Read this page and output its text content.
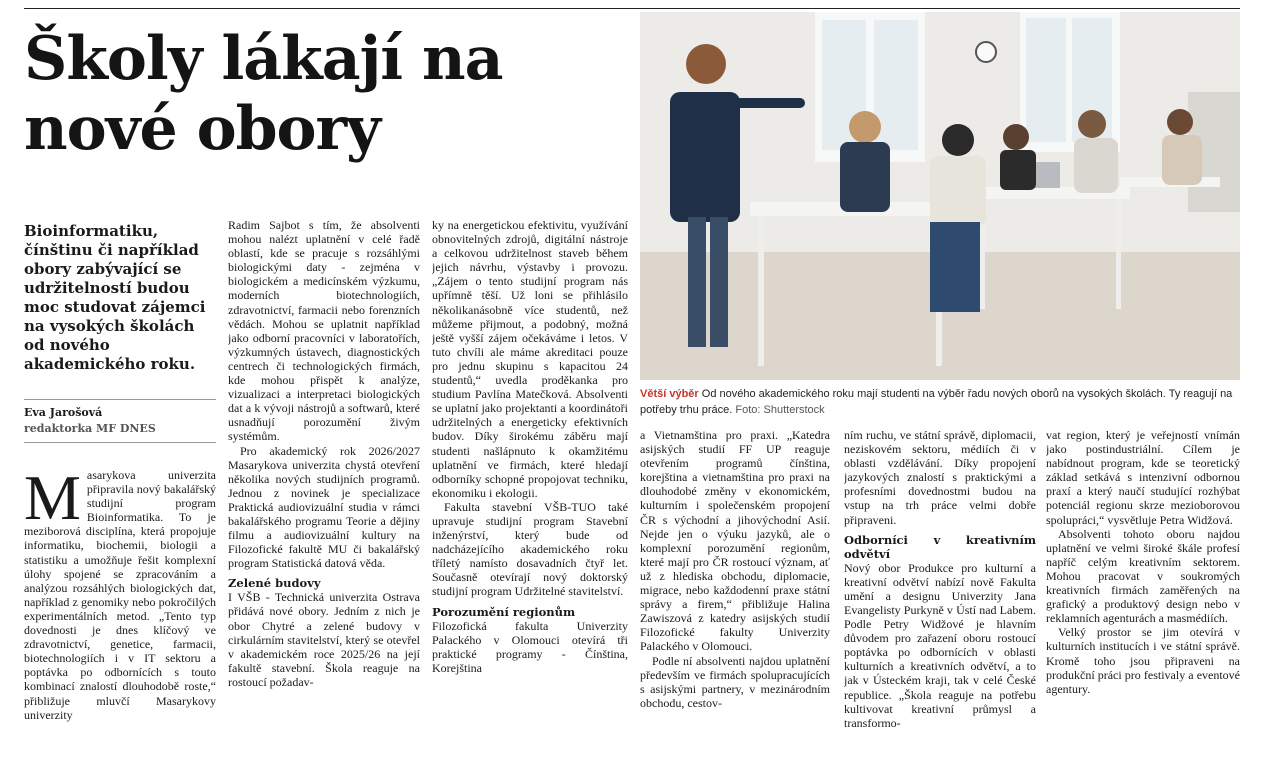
Školy lákají na nové obory
Větší výběr Od nového akademického roku mají studenti na výběr řadu nových oborů na vysokých školách. Ty reagují na potřeby trhu práce. Foto: Shutterstock

Bioinformatiku, čínštinu či například obory zabývající se udržitelností budou moc studovat zájemci na vysokých školách od nového akademického roku.

Eva Jarošová
redaktorka MF DNES
M asarykova univerzita připravila nový bakalářský studijní program Bioinformatika. To je meziborová disciplína, která propojuje informatiku, biochemii, biologii a statistiku a umožňuje řešit komplexní úlohy spojené se zpracováním a analýzou rozsáhlých biologických dat, například z genomiky nebo pokročilých experimentálních metod. „Tento typ dovednosti je dnes klíčový ve zdravotnictví, genetice, farmacii, biotechnologiích i v IT sektoru a poptávka po odbornících s touto kombinací znalostí dlouhodobě roste,“ přibližuje mluvčí Masarykovy univerzity

Radim Sajbot s tím, že absolventi mohou nalézt uplatnění v celé řadě oblastí, kde se pracuje s rozsáhlými biologickými daty - zejména v biologickém a medicínském výzkumu, moderních biotechnologiích, zdravotnictví, farmacii nebo forenzních vědách. Mohou se uplatnit například jako odborní pracovníci v laboratořích, výzkumných ústavech, diagnostických centrech či technologických firmách, kde mohou přispět k analýze, vizualizaci a interpretaci biologických dat a k vývoji nástrojů a softwarů, které usnadňují porozumění živým systémům.

Pro akademický rok 2026/2027 Masarykova univerzita chystá otevření několika nových studijních programů. Jednou z novinek je specializace Praktická audiovizuální studia v rámci bakalářského programu Teorie a dějiny filmu a audiovizuální kultury na Filozofické fakultě MU či bakalářský program Statistická datová věda.

Zelené budovy

I VŠB - Technická univerzita Ostrava přidává nové obory. Jedním z nich je obor Chytré a zelené budovy v cirkulárním stavitelství, který se otevřel v akademickém roce 2025/26 na její fakultě stavební. Škola reaguje na rostoucí požadav-

ky na energetickou efektivitu, využívání obnovitelných zdrojů, digitální nástroje a celkovou udržitelnost staveb během jejich návrhu, výstavby i provozu. „Zájem o tento studijní program nás upřímně těší. Už loni se přihlásilo několikanásobně více studentů, než můžeme přijmout, a podobný, možná ještě vyšší zájem očekáváme i letos. V tuto chvíli ale máme akreditaci pouze pro jednu skupinu s kapacitou 24 studentů,“ uvedla proděkanka pro studium Pavlína Matečková. Absolventi se uplatní jako projektanti a koordinátoři udržitelných a energeticky efektivních budov. Díky širokému záběru mají studenti našlápnuto k okamžitému uplatnění ve firmách, které hledají odborníky schopné propojovat techniku, ekonomiku i ekologii.

Fakulta stavební VŠB-TUO také upravuje studijní program Stavební inženýrství, který bude od nadcházejícího akademického roku tříletý namísto dosavadních čtyř let. Současně otevírají nový doktorský studijní program Udržitelné stavitelství.

Porozumění regionům

Filozofická fakulta Univerzity Palackého v Olomouci otevírá tři praktické programy - Čínština, Korejština

a Vietnamština pro praxi. „Katedra asijských studií FF UP reaguje otevřením programů čínština, korejština a vietnamština pro praxi na dlouhodobé změny v ekonomickém, kulturním i společenském propojení ČR s východní a jihovýchodní Asií. Nejde jen o výuku jazyků, ale o komplexní porozumění regionům, které mají pro ČR rostoucí význam, ať už z hlediska obchodu, diplomacie, migrace, nebo každodenní praxe státní správy a firem,“ přibližuje Halina Zawiszová z katedry asijských studií Filozofické fakulty Univerzity Palackého v Olomouci.

Podle ní absolventi najdou uplatnění především ve firmách spolupracujících s asijskými partnery, v mezinárodním obchodu, cestov-

ním ruchu, ve státní správě, diplomacii, neziskovém sektoru, médiích či v oblasti vzdělávání. Díky propojení jazykových znalostí s praktickými a profesními dovednostmi budou na vstup na trh práce velmi dobře připraveni.

Odborníci v kreativním odvětví

Nový obor Produkce pro kulturní a kreativní odvětví nabízí nově Fakulta umění a designu Univerzity Jana Evangelisty Purkyně v Ústí nad Labem. Podle Petry Widžové je hlavním důvodem pro zařazení oboru rostoucí poptávka po odbornících v oblasti kulturních a kreativních odvětví, a to jak v Ústeckém kraji, tak v celé České republice. „Škola reaguje na potřebu kultivovat kreativní průmysl a transformo-

vat region, který je veřejností vnímán jako postindustriální. Cílem je nabídnout program, kde se teoretický základ setkává s intenzivní odbornou praxí a který naučí studující rozhýbat potenciál regionu skrze mezioborovou spolupráci,“ vysvětluje Petra Widžová.

Absolventi tohoto oboru najdou uplatnění ve velmi široké škále profesí napříč celým kreativním sektorem. Mohou pracovat v soukromých kreativních firmách zaměřených na grafický a produktový design nebo v reklamních agenturách a masmédiích.

Velký prostor se jim otevírá v kulturních institucích i ve státní správě. Kromě toho jsou připraveni na produkční práci pro festivaly a eventové agentury.
